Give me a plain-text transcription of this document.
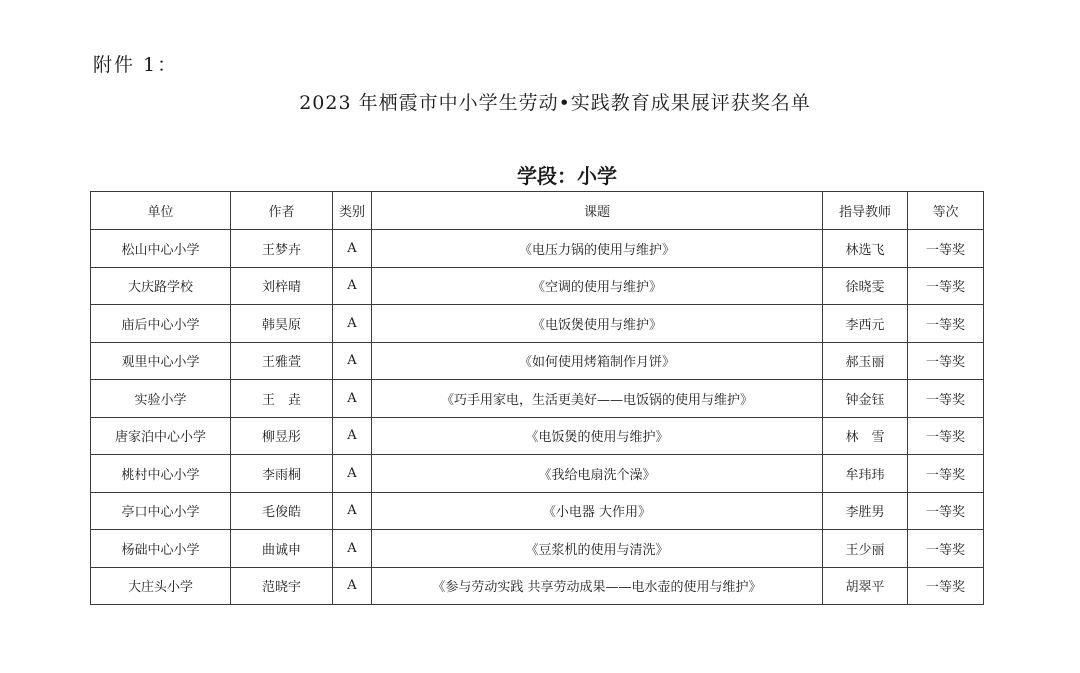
附件 1：
2023 年栖霞市中小学生劳动•实践教育成果展评获奖名单
学段：小学
单位	作者	类别	课题	指导教师	等次
松山中心小学	王梦卉	A	《电压力锅的使用与维护》	林选飞	一等奖
大庆路学校	刘梓晴	A	《空调的使用与维护》	徐晓雯	一等奖
庙后中心小学	韩昊原	A	《电饭煲使用与维护》	李西元	一等奖
观里中心小学	王雅萱	A	《如何使用烤箱制作月饼》	郝玉丽	一等奖
实验小学	王　垚	A	《巧手用家电，生活更美好——电饭锅的使用与维护》	钟金钰	一等奖
唐家泊中心小学	柳昱彤	A	《电饭煲的使用与维护》	林　雪	一等奖
桃村中心小学	李雨桐	A	《我给电扇洗个澡》	牟玮玮	一等奖
亭口中心小学	毛俊皓	A	《小电器 大作用》	李胜男	一等奖
杨础中心小学	曲诚申	A	《豆浆机的使用与清洗》	王少丽	一等奖
大庄头小学	范晓宇	A	《参与劳动实践 共享劳动成果——电水壶的使用与维护》	胡翠平	一等奖
